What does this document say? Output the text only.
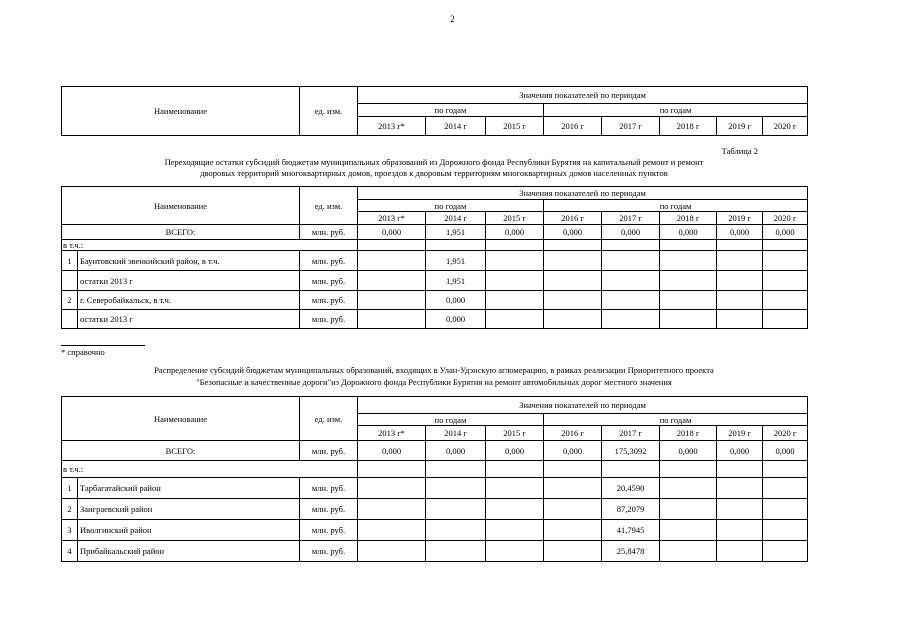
2
Наименование	ед. изм.	Значения показателей по периодам							
		по годам			по годам				
		2013 г*	2014 г	2015 г	2016 г	2017 г	2018 г	2019 г	2020 г
Таблица 2
Переходящие остатки субсидий бюджетам муниципальных образований из Дорожного фонда Республики Бурятия на капитальный ремонт и ремонт
дворовых территорий многоквартирных домов, проездов к дворовым территориям многоквартирных домов населенных пунктов
Наименование		ед. изм.	Значения показателей по периодам							
			по годам			по годам				
			2013 г*	2014 г	2015 г	2016 г	2017 г	2018 г	2019 г	2020 г
ВСЕГО:		млн. руб.	0,000	1,951	0,000	0,000	0,000	0,000	0,000	0,000
в т.ч.:										
1	Баунтовский эвенкийский район, в т.ч.	млн. руб.		1,951						
	остатки 2013 г	млн. руб.		1,951						
2	г. Северобайкальск, в т.ч.	млн. руб.		0,000						
	остатки 2013 г	млн. руб.		0,000						
* справочно
Распределение субсидий бюджетам муниципальных образований, входящих в Улан-Удэнскую агломерацию, в рамках реализации Приоритетного проекта
"Безопасные и качественные дороги"из Дорожного фонда Республики Бурятия на ремонт автомобильных дорог местного значения
Наименование		ед. изм.	Значения показателей по периодам							
			по годам			по годам				
			2013 г*	2014 г	2015 г	2016 г	2017 г	2018 г	2019 г	2020 г
ВСЕГО:		млн. руб.	0,000	0,000	0,000	0,000	175,3092	0,000	0,000	0,000
в т.ч.:										
1	Тарбагатайский район	млн. руб.					20,4590			
2	Заиграевский район	млн. руб.					87,2079			
3	Иволгинский район	млн. руб.					41,7945			
4	Прибайкальский район	млн. руб.					25,8478			
